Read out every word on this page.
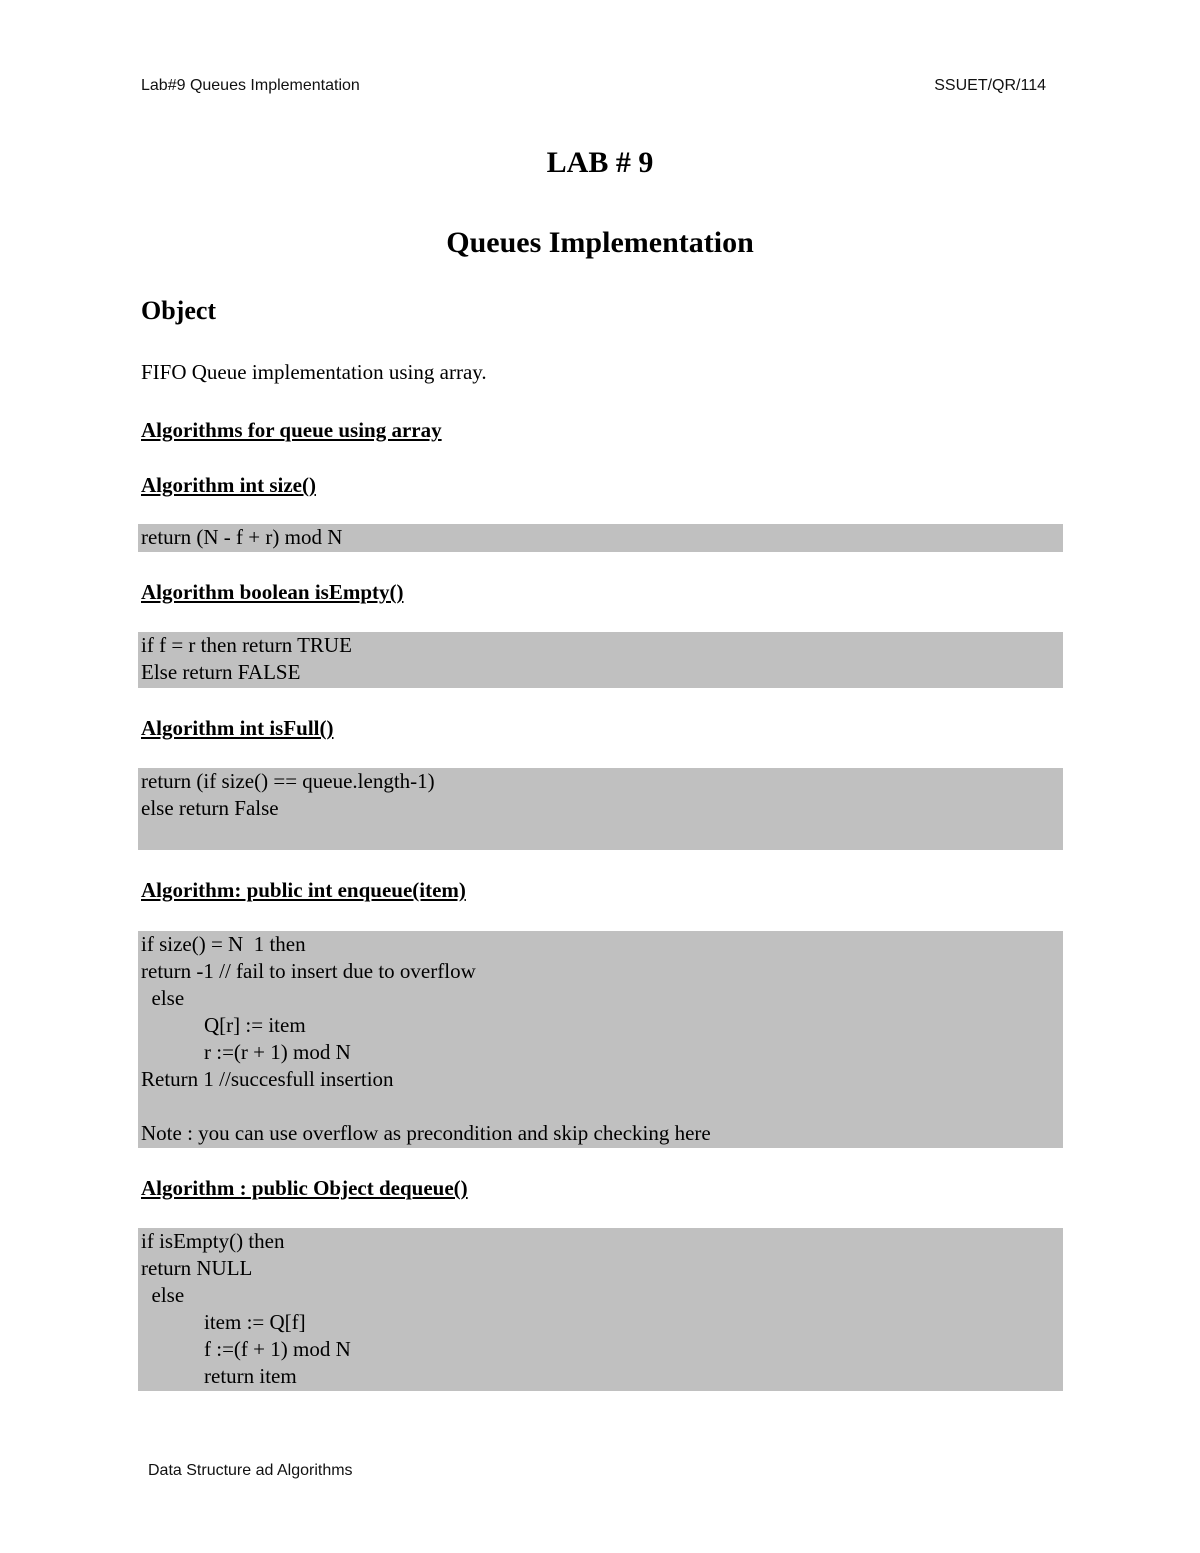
Lab#9 Queues Implementation	SSUET/QR/114
LAB # 9
Queues Implementation
Object
FIFO Queue implementation using array.
Algorithms for queue using array
Algorithm int size()
return (N - f + r) mod N
Algorithm boolean isEmpty()
if f = r then return TRUE
Else return FALSE
Algorithm int isFull()
return (if size() == queue.length-1)
else return False
Algorithm: public int enqueue(item)
if size() = N  1 then
return -1 // fail to insert due to overflow
else
Q[r] := item
r :=(r + 1) mod N
Return 1 //succesfull insertion
Note : you can use overflow as precondition and skip checking here
Algorithm : public Object dequeue()
if isEmpty() then
return NULL
else
item := Q[f]
f :=(f + 1) mod N
return item
Data Structure ad Algorithms
